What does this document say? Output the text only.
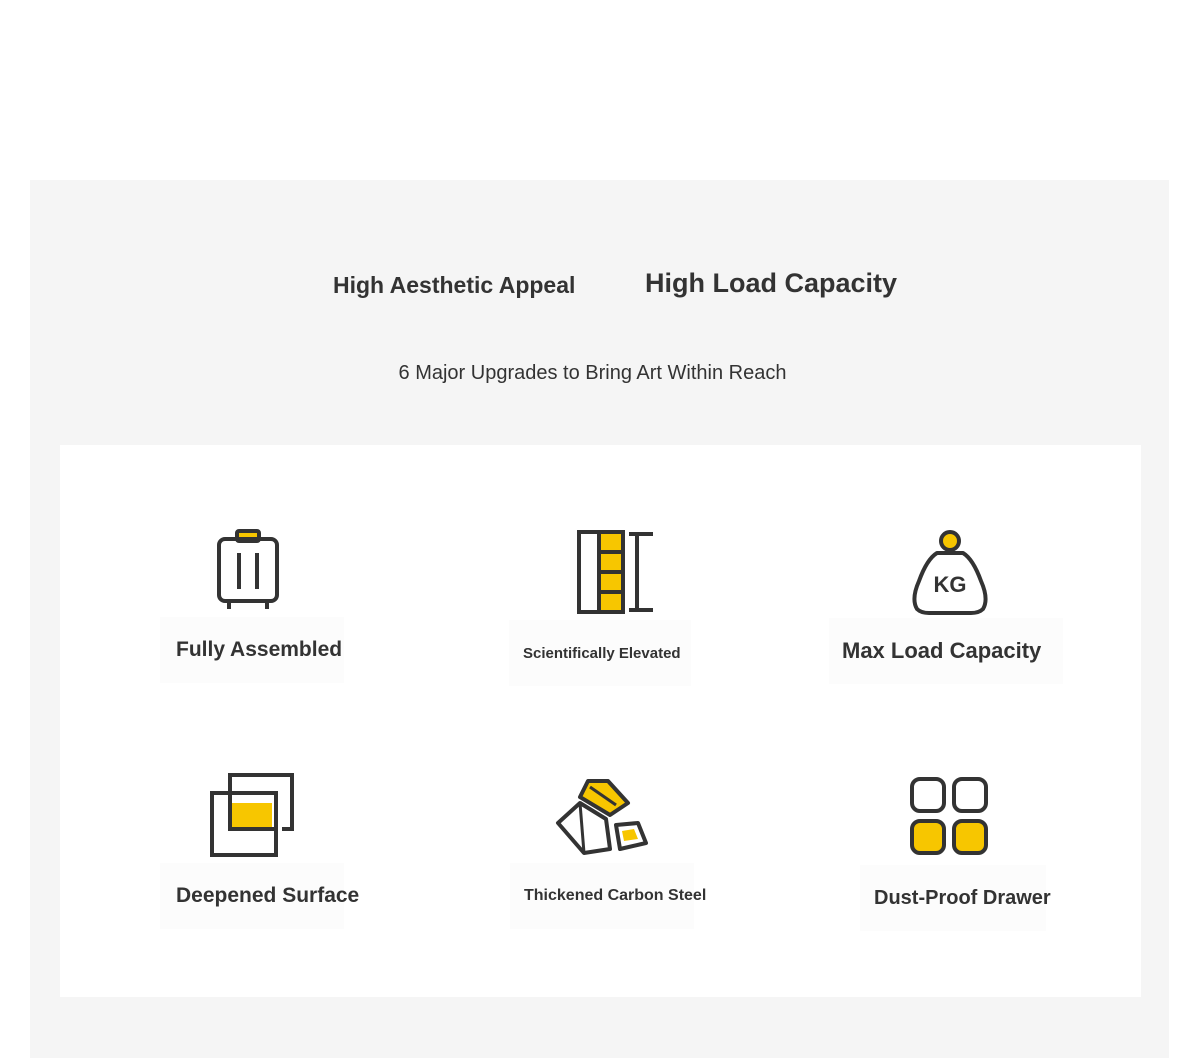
High Aesthetic Appeal	High Load Capacity
6 Major Upgrades to Bring Art Within Reach
Fully Assembled	Scientifically Elevated
KG
Max Load Capacity
Deepened Surface	Thickened Carbon Steel	Dust-Proof Drawer
